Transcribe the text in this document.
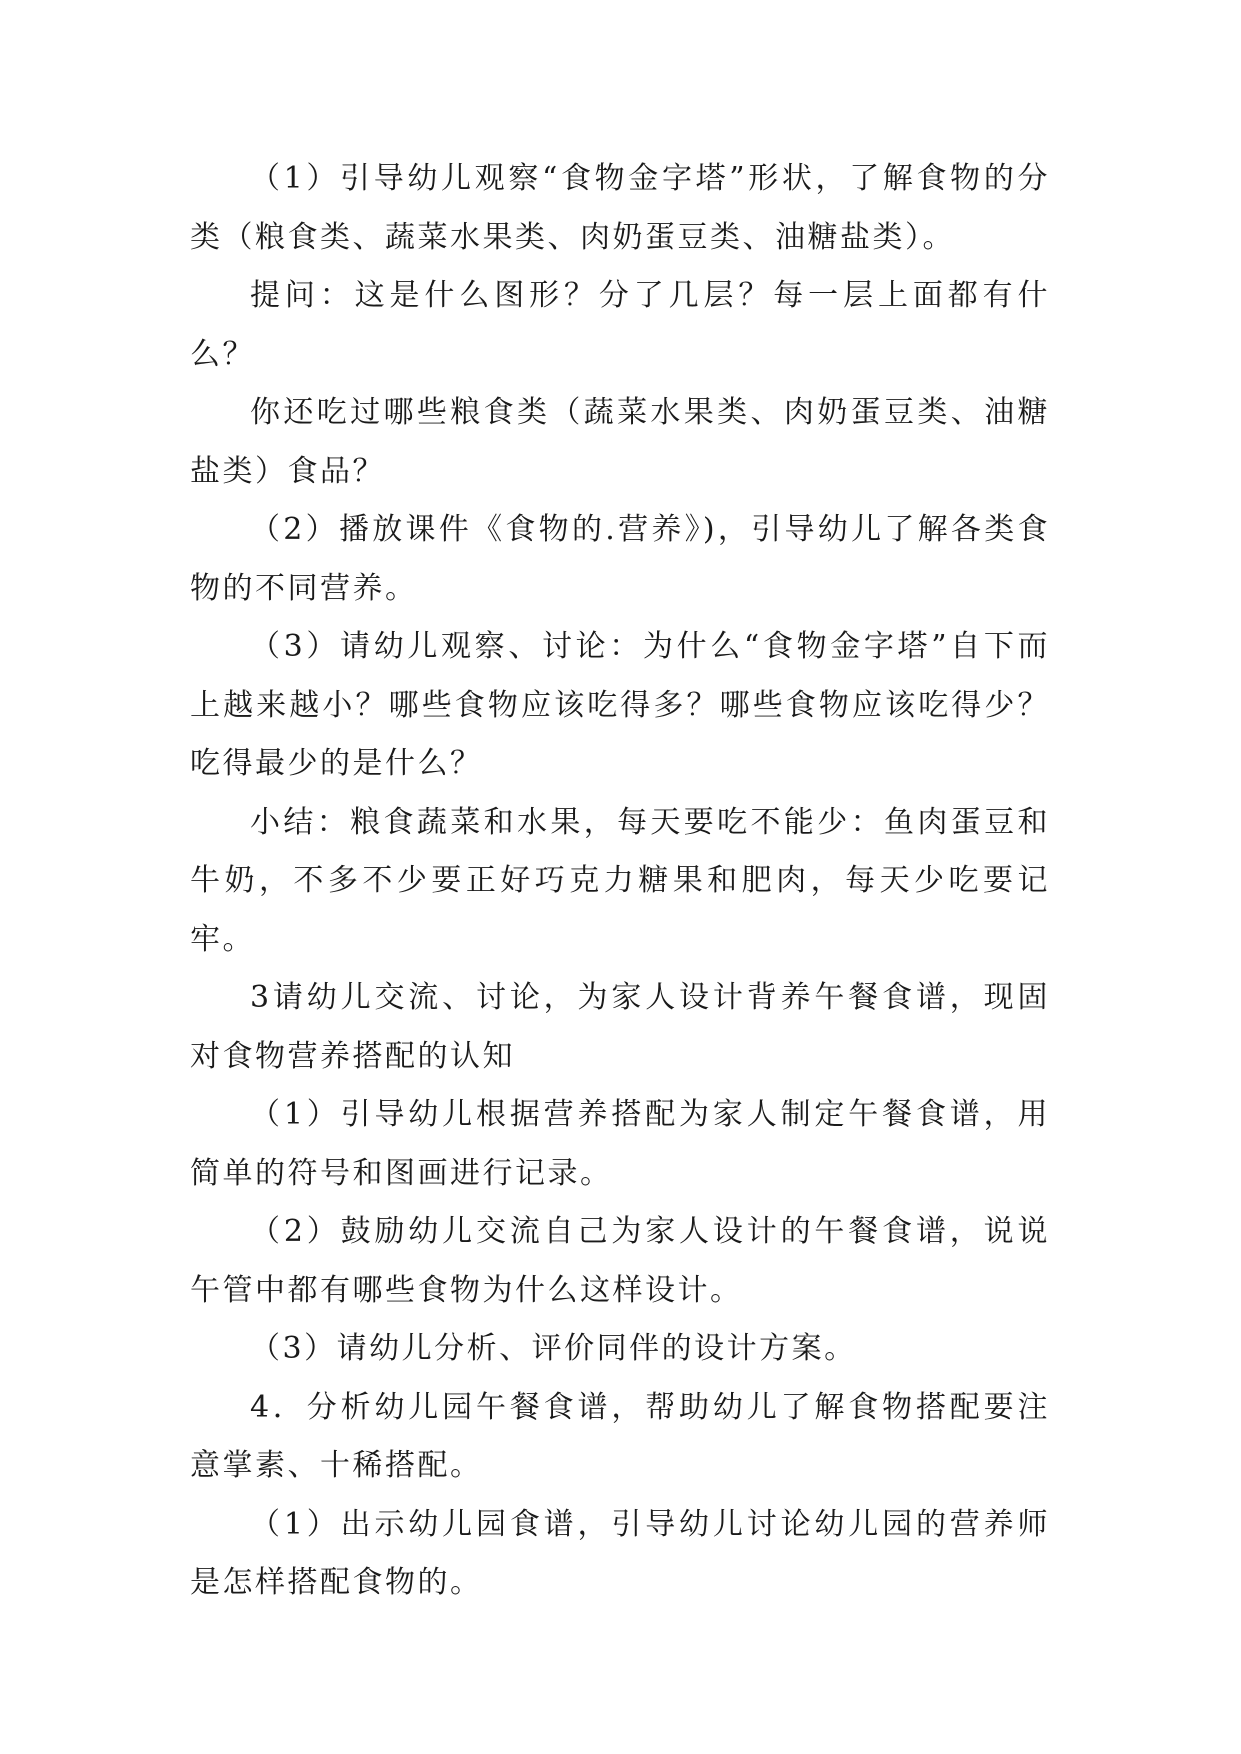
（1）引导幼儿观察“食物金字塔”形状，了解食物的分类（粮食类、蔬菜水果类、肉奶蛋豆类、油糖盐类）。

提问：这是什么图形？分了几层？每一层上面都有什么？

你还吃过哪些粮食类（蔬菜水果类、肉奶蛋豆类、油糖盐类）食品？

（2）播放课件《食物的.营养》)，引导幼儿了解各类食物的不同营养。

（3）请幼儿观察、讨论：为什么“食物金字塔”自下而上越来越小？哪些食物应该吃得多？哪些食物应该吃得少？吃得最少的是什么？

小结：粮食蔬菜和水果，每天要吃不能少：鱼肉蛋豆和牛奶，不多不少要正好巧克力糖果和肥肉，每天少吃要记牢。

3请幼儿交流、讨论，为家人设计背养午餐食谱，现固对食物营养搭配的认知

（1）引导幼儿根据营养搭配为家人制定午餐食谱，用简单的符号和图画进行记录。

（2）鼓励幼儿交流自己为家人设计的午餐食谱，说说午管中都有哪些食物为什么这样设计。

（3）请幼儿分析、评价同伴的设计方案。

4．分析幼儿园午餐食谱，帮助幼儿了解食物搭配要注意掌素、十稀搭配。

（1）出示幼儿园食谱，引导幼儿讨论幼儿园的营养师是怎样搭配食物的。
